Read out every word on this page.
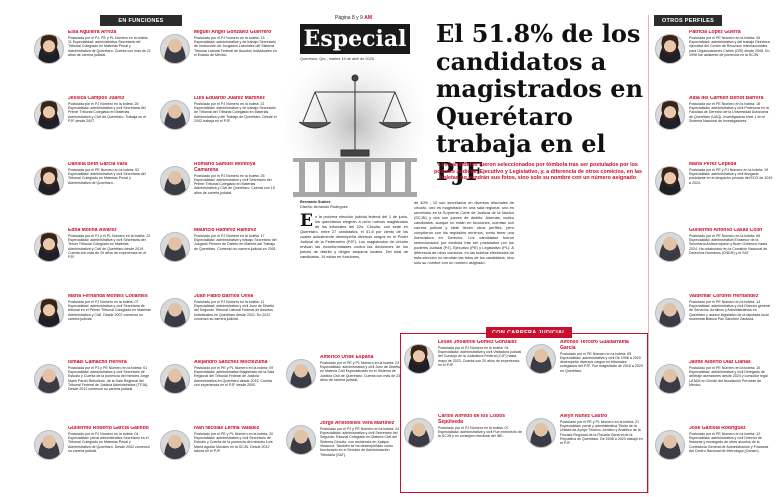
EN FUNCIONES	OTROS PERFILES
CON CARRERA JUDICIAL
Elsa Aguilera Arreza
Postulada por el PJ, PE y PL Número en la boleta: 11 Especialidad: administrativa Secretaria del Tribunal Colegiado en Materias Penal y Administrativa de Querétaro. Cuenta con más de 21 años de carrera judicial.
Jessica Campos Juárez
Postulada por el PJ Número en la boleta: 26 Especialidad: administrativa y civil Secretaria del Primer Tribunal Colegiado en Materias Administrativa y Civil de Querétaro. Trabaja en el PJF desde 2007.
Daniela Beth García Vara
Postulada por el PE Número en la boleta: 02 Especialidad: administrativa y civil Secretaria del Tribunal Colegiado en Materias Penal y Administrativa de Querétaro.
Edna Molina Álvarez
Postulada por el PJ y el PL Número en la boleta: 22 Especialidad: administrativa y civil Secretaria del Tercer Tribunal Colegiado en Materias Administrativa y Civil de Querétaro desde 2019. Cuenta con más de 20 años de experiencia en el PJF.
María Fernanda Montes Collantes
Postulada por el PJ Número en la boleta: 07 Especialidad: administrativa y civil Secretaria de tribunal en el Primer Tribunal Colegiado en Materias Administrativa y Civil. Desde 2007 comenzó su carrera judicial.
Ismael Camacho Herrera
Postulada por el PJ y PE Número en la boleta: 01 Especialidad: administrativa y civil Secretario de Estudio y Cuenta de la ponencia del ministro Jorge Mario Pardo Rebolledo, de la Sala Regional del Tribunal Federal de Justicia Administrativa (TFJA). Desde 2012 comenzó su carrera judicial.
Guillermo Roberto García Galindo
Postulado por el PJ Número en la boleta: 04 Especialidad: penal administrativa Secretario en el Tribunal Colegiado en Materias Penal y Administrativa de Querétaro. Desde 2002 comenzó su carrera judicial.
Miguel Ángel González Guerrero
Postulado por el PJ Número en la boleta: 13 Especialidad: administrativa y de trabajo Secretario de Instrucción de Juzgados Laborales del Sistema Tribunal Laboral Federal de Asuntos Individuales en el Estado de México.
Luis Eduardo Juárez Martínez
Postulado por el PJ Número en la boleta: 21 Especialidad: administrativa y de trabajo Secretario de Tribunal del Tribunal Colegiado en Materias Administrativa y del Trabajo de Querétaro. Desde el 2002 trabaja en el PJF.
Romario Samuel Montoya Camarena
Postulado por el PJ Número en la boleta: 25 Especialidad: administrativa y civil Secretario del Primer Tribunal Colegiado en Materias Administrativa y Civil de Querétaro. Cuenta con 15 años de carrera judicial.
Mauricio Ramírez Ramírez
Postulado por el PJ Número en la boleta: 17 Especialidad: administrativa y trabajo Secretario del Juzgado Primero de Distrito en Materia del Trabajo de Querétaro. Comenzó su carrera judicial en 2001.
Juan Pablo Barrios Oliva
Postulado por el PJ Número en la boleta: 11 Especialidad: administrativa y civil Juez de Distrito del Segundo Tribunal Laboral Federal de Asuntos Individuales en Querétaro desde 2021. En 2012 comenzó su carrera judicial.
Alejandro Sánchez Moctezuma
Postulado por el PE y PL Número en la boleta: 09 Especialidad: administrativa Magistrado de la Sala Regional del Tribunal Federal de Justicia Administrativa en Querétaro desde 2015. Cuenta con experiencia en el PJF desde 2000.
Iván Nicolás Lerma Valadez
Postulado por el PE y PL Número en la boleta: 20 Especialidad: administrativa y civil Secretario de Estudio y Cuenta de la ponencia del ministro Luis María Aguilar Morales en la SCJN. Desde 2012 labora en el PJF.
Américo Uribe España
Postulado por el PE y PL Número en la boleta: 23 Especialidad: administrativa y civil Juez de Distrito en Materia Civil Especializado en el Sistema de Justicia Civil de Querétaro. Cuenta con más de 23 años de carrera judicial.
Jorge Aristóteles Vera Martínez
Postulado por el PJ y PE Número en la boleta: 24 Especialidad: administrativa y civil Secretario del Segundo Tribunal Colegiado en Materia Civil del Sistema Circuito, con residencia en Xalapa, Veracruz. También se ha desempeñado como funcionario en el Servicio de Administración Tributaria (SAT).
Página 8 y 9 AM
Especial
Querétaro, Qro., martes 15 de abril de 2025
El 51.8% de los candidatos a magistrados en Querétaro trabaja en el PJF
Los candidatos fueron seleccionados por tómbola tras ser postulados por los poderes Judicial, Ejecutivo y Legislativo, y, a diferencia de otros comicios, en las boletas no vendrán sus fotos, sino solo su nombre con un número asignado
Bernardo Suárez
Diseño: Armando Rodríguez
En la próxima elección judicial federal del 1 de junio, los queretanos elegirán a ocho nuevos magistrados de los tribunales del 22o. Circuito, con sede en Querétaro, entre 27 candidatos, el 51.8 por ciento de los cuales actualmente desempeña diversos cargos en el Poder Judicial de la Federación (PJF). Los magistrados de circuito revisan las inconformidades contra las decisiones de los jueces de distrito y dirigen amparos locales. Del total de candidatos, 14 están en funciones,
de 40% ; 10 son secretarios en diversos tribunales de circuito, uno es magistrado en una sala regional, uno es secretario en la Suprema Corte de Justicia de la Nación (SCJN) y dos son jueces de distrito. Además, cuatro candidatos, aunque no están en funciones, cuentan con carrera judicial y siete tienen otros perfiles, pero cumplieron con los requisitos mínimos, como tener una licenciatura en Derecho. Los candidatos fueron seleccionados por tómbola tras ser postulados por los poderes Judicial (PJ), Ejecutivo (PE) y Legislativo (PL). A diferencia de otros comicios, en las boletas electorales de esta elección no vendrán las fotos de los candidatos, sino solo su nombre con un número asignado.
Leslie Jhoannie Gómez González
Postulada por el PJ Número en la boleta: 04 Especialidad: administrativa y civil Visitadora judicial del Consejo de la Judicatura Federal (CJF) hasta mayo de 2023. Cuenta con 20 años de experiencia en el PJF.
Carlos Alfredo de los Cobos Sepúlveda
Postulado por el PJ Número en la boleta: 07 Especialidad: administrativa y civil Fue exministro de la SCJN y ex consejero electoral del INE.
Alfonso Tercero Guadarrama García
Postulado por el PE Número en la boleta: 05 Especialidad: administrativa y civil De 1998 a 2020 desempeñó diversos cargos en tribunales colegiados del PJF. Fue magistrado de 2016 a 2020 en Querétaro.
Aleyn Núñez Castro
Postulado por el PE y PL Número en la boleta: 21 Especialidad: penal y administrativa Titular de la Unidad de Apoyo Técnico Jurídico y Analítico de la Fiscalía Regional de la Fiscalía General de la República de Querétaro. De 2008 a 2023 trabajó en el PJF.
Patricia López Guerra
Postulada por el PE Número en la boleta: 06 Especialidad: administrativa y del trabajo Directora ejecutiva del Centro de Recursos Internacionales para Organizaciones Civiles (CRI) desde 2008. En 1998 fue asistente de ponencia en la SCJN.
Alba del Carmen Berlot Barrera
Postulada por el PE Número en la boleta: 18 Especialidad: administrativa y civil Profesora en la Facultad de Derecho de la Universidad Autónoma de Querétaro (UAQ). Investigadora nivel 1 en el Sistema Nacional de Investigadores.
María Pérez Cepeda
Postulada por el PE y PJ Número en la boleta: 19 Especialidad: administrativa y civil Abogada postulante en el despacho privado del ECO de 2019 a 2024.
Guillermo Alfonso Casas Colín
Postulado por el PE Número en la boleta: 08 Especialidad: administrativa Exasesor de la Secretaría Anticorrupción y Buen Gobierno hasta 2024. Ha colaborado en la Comisión Nacional de Derechos Humanos (CNDH) y el SAT.
Valdemar Coronel Hernández
Postulado por el PE Número en la boleta: 14 Especialidad: administrativa y civil Director general de Servicios Jurídicos y Administrativos en Querétaro y asesor legislativo de la diputada local morenista Blanca Paz Sánchez Zarazúa.
Jaime Alberto Díaz Llanas
Postulado por el PE Número en la boleta: 10 Especialidad: administrativa y civil Delegado de arbitraje aseradores desde 2024 y consultor legal LATAM en Dondé del Asociación Peruvian de México.
José Gaxiola Rodríguez
Postulado por el PE Número en la boleta: 12 Especialidad: administrativa y civil Director de finanzas y encargado de otras asuntos de la Contraloría General de Administración y Finanzas del Centro Nacional de Metrología (Cenam).
